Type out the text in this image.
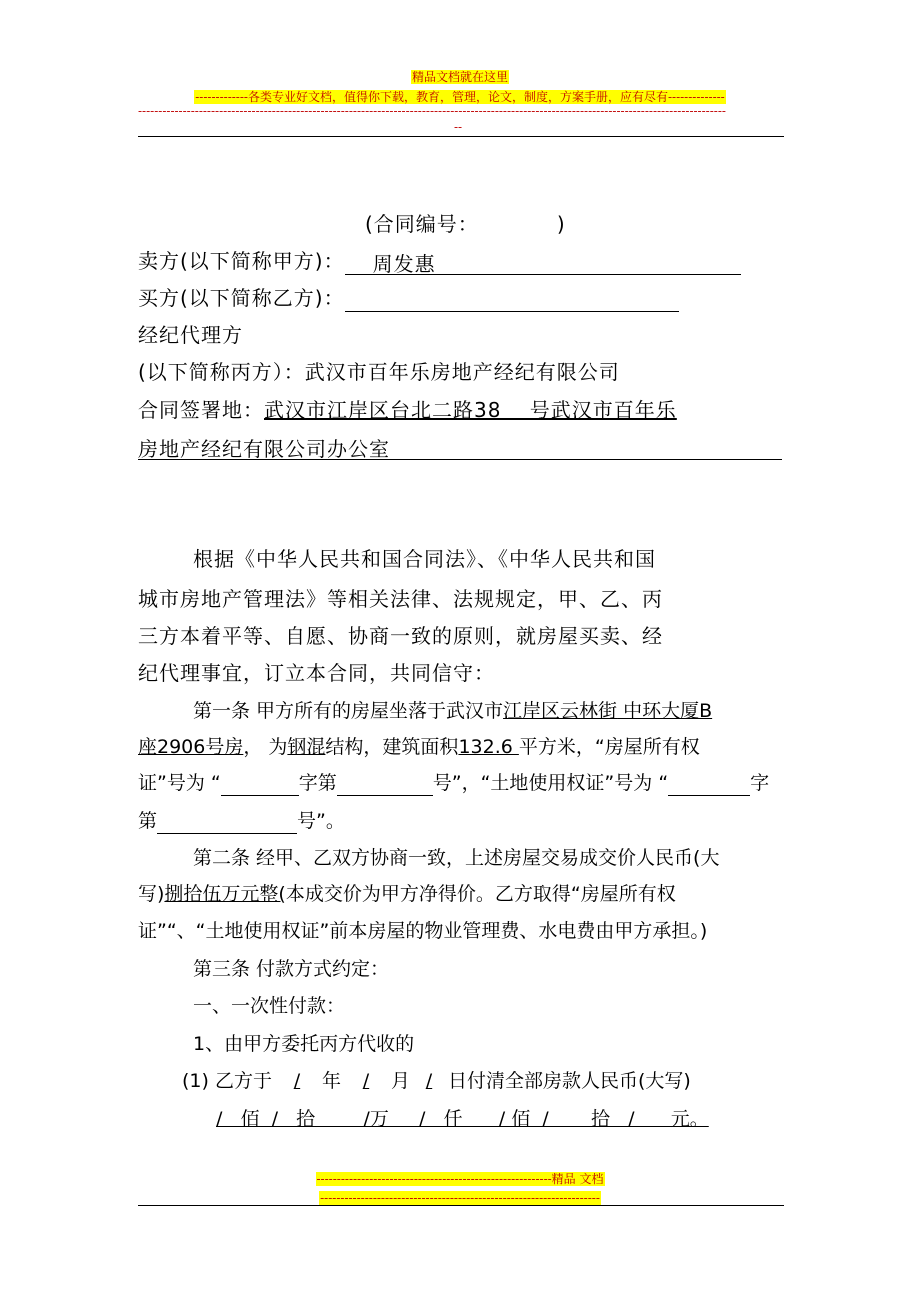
精品文档就在这里
-------------各类专业好文档，值得你下载，教育，管理，论文，制度，方案手册，应有尽有--------------
-------------------------------------------------------------------------------------------------------------------------------------------------
--
(合同编号：	)
卖方(以下简称甲方)： 周发惠
买方(以下简称乙方)：
经纪代理方
(以下简称丙方）：武汉市百年乐房地产经纪有限公司
合同签署地：武汉市江岸区台北二路38　 号武汉市百年乐
房地产经纪有限公司办公室
根据《中华人民共和国合同法》、《中华人民共和国
城市房地产管理法》等相关法律、法规规定，甲、乙、丙
三方本着平等、自愿、协商一致的原则，就房屋买卖、经
纪代理事宜，订立本合同，共同信守：
第一条 甲方所有的房屋坐落于武汉市江岸区云林街 中环大厦B
座2906号房， 为钢混结构，建筑面积132.6 平方米，“房屋所有权
证”号为 “	字第	号”，“土地使用权证”号为 “	字
第	号”。
第二条 经甲、乙双方协商一致，上述房屋交易成交价人民币(大
写)捌拾伍万元整(本成交价为甲方净得价。乙方取得“房屋所有权
证”“、“土地使用权证”前本房屋的物业管理费、水电费由甲方承担。)
第三条 付款方式约定：
一、一次性付款：
1、由甲方委托丙方代收的
(1) 乙方于/年/月/日付清全部房款人民币(大写)
/   佰  /   拾        /万     /   仟      / 佰  /       拾   /      元。
----------------------------------------------------------精品 文档
---------------------------------------------------------------------
